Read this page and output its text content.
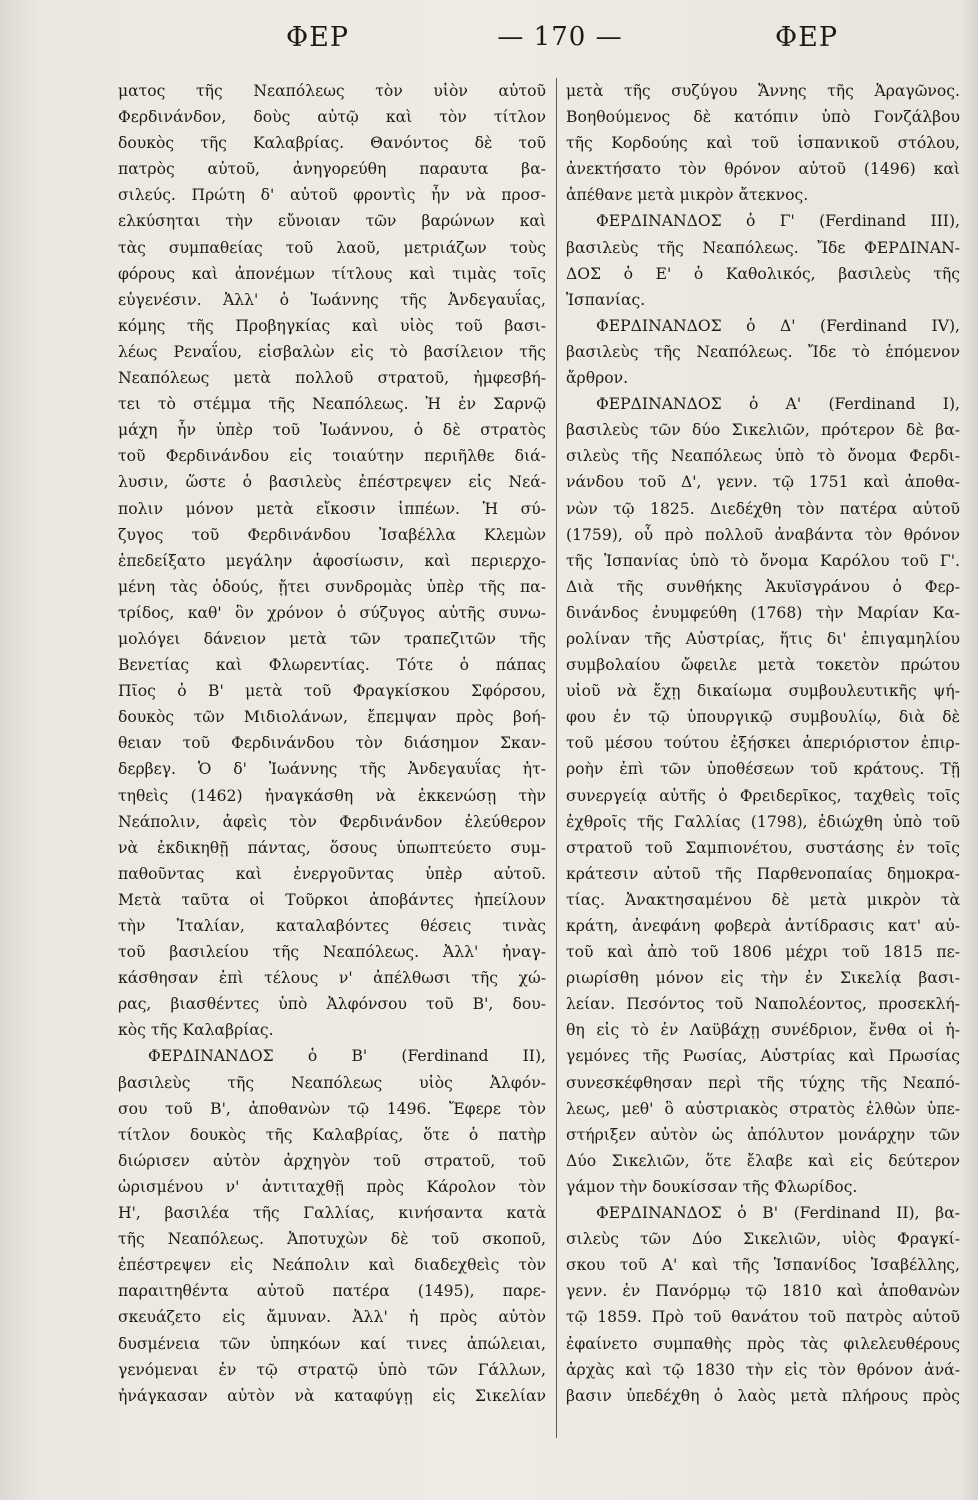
ΦΕΡ	— 170 —	ΦΕΡ
ματος τῆς Νεαπόλεως τὸν υἱὸν αὐτοῦ
Φερδινάνδον, δοὺς αὐτῷ καὶ τὸν τίτλον
δουκὸς τῆς Καλαβρίας. Θανόντος δὲ τοῦ
πατρὸς αὐτοῦ, ἀνηγορεύθη παραυτα βα-
σιλεύς. Πρώτη δ' αὐτοῦ φροντὶς ἦν νὰ προσ-
ελκύσηται τὴν εὔνοιαν τῶν βαρώνων καὶ
τὰς συμπαθείας τοῦ λαοῦ, μετριάζων τοὺς
φόρους καὶ ἀπονέμων τίτλους καὶ τιμὰς τοῖς
εὐγενέσιν. Ἀλλ' ὁ Ἰωάννης τῆς Ἀνδεγαυΐας,
κόμης τῆς Προβηγκίας καὶ υἱὸς τοῦ βασι-
λέως Ρεναΐου, εἰσβαλὼν εἰς τὸ βασίλειον τῆς
Νεαπόλεως μετὰ πολλοῦ στρατοῦ, ἠμφεσβή-
τει τὸ στέμμα τῆς Νεαπόλεως. Ἡ ἐν Σαρνῷ
μάχη ἦν ὑπὲρ τοῦ Ἰωάννου, ὁ δὲ στρατὸς
τοῦ Φερδινάνδου εἰς τοιαύτην περιῆλθε διά-
λυσιν, ὥστε ὁ βασιλεὺς ἐπέστρεψεν εἰς Νεά-
πολιν μόνον μετὰ εἴκοσιν ἱππέων. Ἡ σύ-
ζυγος τοῦ Φερδινάνδου Ἰσαβέλλα Κλεμὼν
ἐπεδείξατο μεγάλην ἀφοσίωσιν, καὶ περιερχο-
μένη τὰς ὁδούς, ᾔτει συνδρομὰς ὑπὲρ τῆς πα-
τρίδος, καθ' ὃν χρόνον ὁ σύζυγος αὐτῆς συνω-
μολόγει δάνειον μετὰ τῶν τραπεζιτῶν τῆς
Βενετίας καὶ Φλωρεντίας. Τότε ὁ πάπας
Πῖος ὁ Β' μετὰ τοῦ Φραγκίσκου Σφόρσου,
δουκὸς τῶν Μιδιολάνων, ἔπεμψαν πρὸς βοή-
θειαν τοῦ Φερδινάνδου τὸν διάσημον Σκαν-
δερβεγ. Ὁ δ' Ἰωάννης τῆς Ἀνδεγαυΐας ἡτ-
τηθεὶς (1462) ἠναγκάσθη νὰ ἐκκενώσῃ τὴν
Νεάπολιν, ἀφεὶς τὸν Φερδινάνδον ἐλεύθερον
νὰ ἐκδικηθῇ πάντας, ὅσους ὑπωπτεύετο συμ-
παθοῦντας καὶ ἐνεργοῦντας ὑπὲρ αὐτοῦ.
Μετὰ ταῦτα οἱ Τοῦρκοι ἀποβάντες ἠπείλουν
τὴν Ἰταλίαν, καταλαβόντες θέσεις τινὰς
τοῦ βασιλείου τῆς Νεαπόλεως. Ἀλλ' ἠναγ-
κάσθησαν ἐπὶ τέλους ν' ἀπέλθωσι τῆς χώ-
ρας, βιασθέντες ὑπὸ Ἀλφόνσου τοῦ Β', δου-
κὸς τῆς Καλαβρίας.
ΦΕΡΔΙΝΑΝΔΟΣ ὁ Β' (Ferdinand II),
βασιλεὺς τῆς Νεαπόλεως υἱὸς Ἀλφόν-
σου τοῦ Β', ἀποθανὼν τῷ 1496. Ἔφερε τὸν
τίτλον δουκὸς τῆς Καλαβρίας, ὅτε ὁ πατὴρ
διώρισεν αὐτὸν ἀρχηγὸν τοῦ στρατοῦ, τοῦ
ὡρισμένου ν' ἀντιταχθῇ πρὸς Κάρολον τὸν
Η', βασιλέα τῆς Γαλλίας, κινήσαντα κατὰ
τῆς Νεαπόλεως. Ἀποτυχὼν δὲ τοῦ σκοποῦ,
ἐπέστρεψεν εἰς Νεάπολιν καὶ διαδεχθεὶς τὸν
παραιτηθέντα αὐτοῦ πατέρα (1495), παρε-
σκευάζετο εἰς ἄμυναν. Ἀλλ' ἡ πρὸς αὐτὸν
δυσμένεια τῶν ὑπηκόων καί τινες ἀπώλειαι,
γενόμεναι ἐν τῷ στρατῷ ὑπὸ τῶν Γάλλων,
ἠνάγκασαν αὐτὸν νὰ καταφύγῃ εἰς Σικελίαν
μετὰ τῆς συζύγου Ἄννης τῆς Ἀραγῶνος.
Βοηθούμενος δὲ κατόπιν ὑπὸ Γονζάλβου
τῆς Κορδούης καὶ τοῦ ἱσπανικοῦ στόλου,
ἀνεκτήσατο τὸν θρόνον αὐτοῦ (1496) καὶ
ἀπέθανε μετὰ μικρὸν ἄτεκνος.
ΦΕΡΔΙΝΑΝΔΟΣ ὁ Γ' (Ferdinand III),
βασιλεὺς τῆς Νεαπόλεως. Ἴδε ΦΕΡΔΙΝΑΝ-
ΔΟΣ ὁ Ε' ὁ Καθολικός, βασιλεὺς τῆς
Ἱσπανίας.
ΦΕΡΔΙΝΑΝΔΟΣ ὁ Δ' (Ferdinand IV),
βασιλεὺς τῆς Νεαπόλεως. Ἴδε τὸ ἑπόμενον
ἄρθρον.
ΦΕΡΔΙΝΑΝΔΟΣ ὁ Α' (Ferdinand I),
βασιλεὺς τῶν δύο Σικελιῶν, πρότερον δὲ βα-
σιλεὺς τῆς Νεαπόλεως ὑπὸ τὸ ὄνομα Φερδι-
νάνδου τοῦ Δ', γενν. τῷ 1751 καὶ ἀποθα-
νὼν τῷ 1825. Διεδέχθη τὸν πατέρα αὐτοῦ
(1759), οὗ πρὸ πολλοῦ ἀναβάντα τὸν θρόνον
τῆς Ἱσπανίας ὑπὸ τὸ ὄνομα Καρόλου τοῦ Γ'.
Διὰ τῆς συνθήκης Ἀκυϊσγράνου ὁ Φερ-
δινάνδος ἐνυμφεύθη (1768) τὴν Μαρίαν Κα-
ρολίναν τῆς Αὐστρίας, ἥτις δι' ἐπιγαμηλίου
συμβολαίου ὤφειλε μετὰ τοκετὸν πρώτου
υἱοῦ νὰ ἔχῃ δικαίωμα συμβουλευτικῆς ψή-
φου ἐν τῷ ὑπουργικῷ συμβουλίῳ, διὰ δὲ
τοῦ μέσου τούτου ἐξήσκει ἀπεριόριστον ἐπιρ-
ροὴν ἐπὶ τῶν ὑποθέσεων τοῦ κράτους. Τῇ
συνεργείᾳ αὐτῆς ὁ Φρειδερῖκος, ταχθεὶς τοῖς
ἐχθροῖς τῆς Γαλλίας (1798), ἐδιώχθη ὑπὸ τοῦ
στρατοῦ τοῦ Σαμπιονέτου, συστάσης ἐν τοῖς
κράτεσιν αὐτοῦ τῆς Παρθενοπαίας δημοκρα-
τίας. Ἀνακτησαμένου δὲ μετὰ μικρὸν τὰ
κράτη, ἀνεφάνη φοβερὰ ἀντίδρασις κατ' αὐ-
τοῦ καὶ ἀπὸ τοῦ 1806 μέχρι τοῦ 1815 πε-
ριωρίσθη μόνον εἰς τὴν ἐν Σικελίᾳ βασι-
λείαν. Πεσόντος τοῦ Ναπολέοντος, προσεκλή-
θη εἰς τὸ ἐν Λαϋβάχῃ συνέδριον, ἔνθα οἱ ἡ-
γεμόνες τῆς Ρωσίας, Αὐστρίας καὶ Πρωσίας
συνεσκέφθησαν περὶ τῆς τύχης τῆς Νεαπό-
λεως, μεθ' ὃ αὐστριακὸς στρατὸς ἐλθὼν ὑπε-
στήριξεν αὐτὸν ὡς ἀπόλυτον μονάρχην τῶν
Δύο Σικελιῶν, ὅτε ἔλαβε καὶ εἰς δεύτερον
γάμον τὴν δουκίσσαν τῆς Φλωρίδος.
ΦΕΡΔΙΝΑΝΔΟΣ ὁ Β' (Ferdinand II), βα-
σιλεὺς τῶν Δύο Σικελιῶν, υἱὸς Φραγκί-
σκου τοῦ Α' καὶ τῆς Ἱσπανίδος Ἰσαβέλλης,
γενν. ἐν Πανόρμῳ τῷ 1810 καὶ ἀποθανὼν
τῷ 1859. Πρὸ τοῦ θανάτου τοῦ πατρὸς αὐτοῦ
ἐφαίνετο συμπαθὴς πρὸς τὰς φιλελευθέρους
ἀρχὰς καὶ τῷ 1830 τὴν εἰς τὸν θρόνον ἀνά-
βασιν ὑπεδέχθη ὁ λαὸς μετὰ πλήρους πρὸς
